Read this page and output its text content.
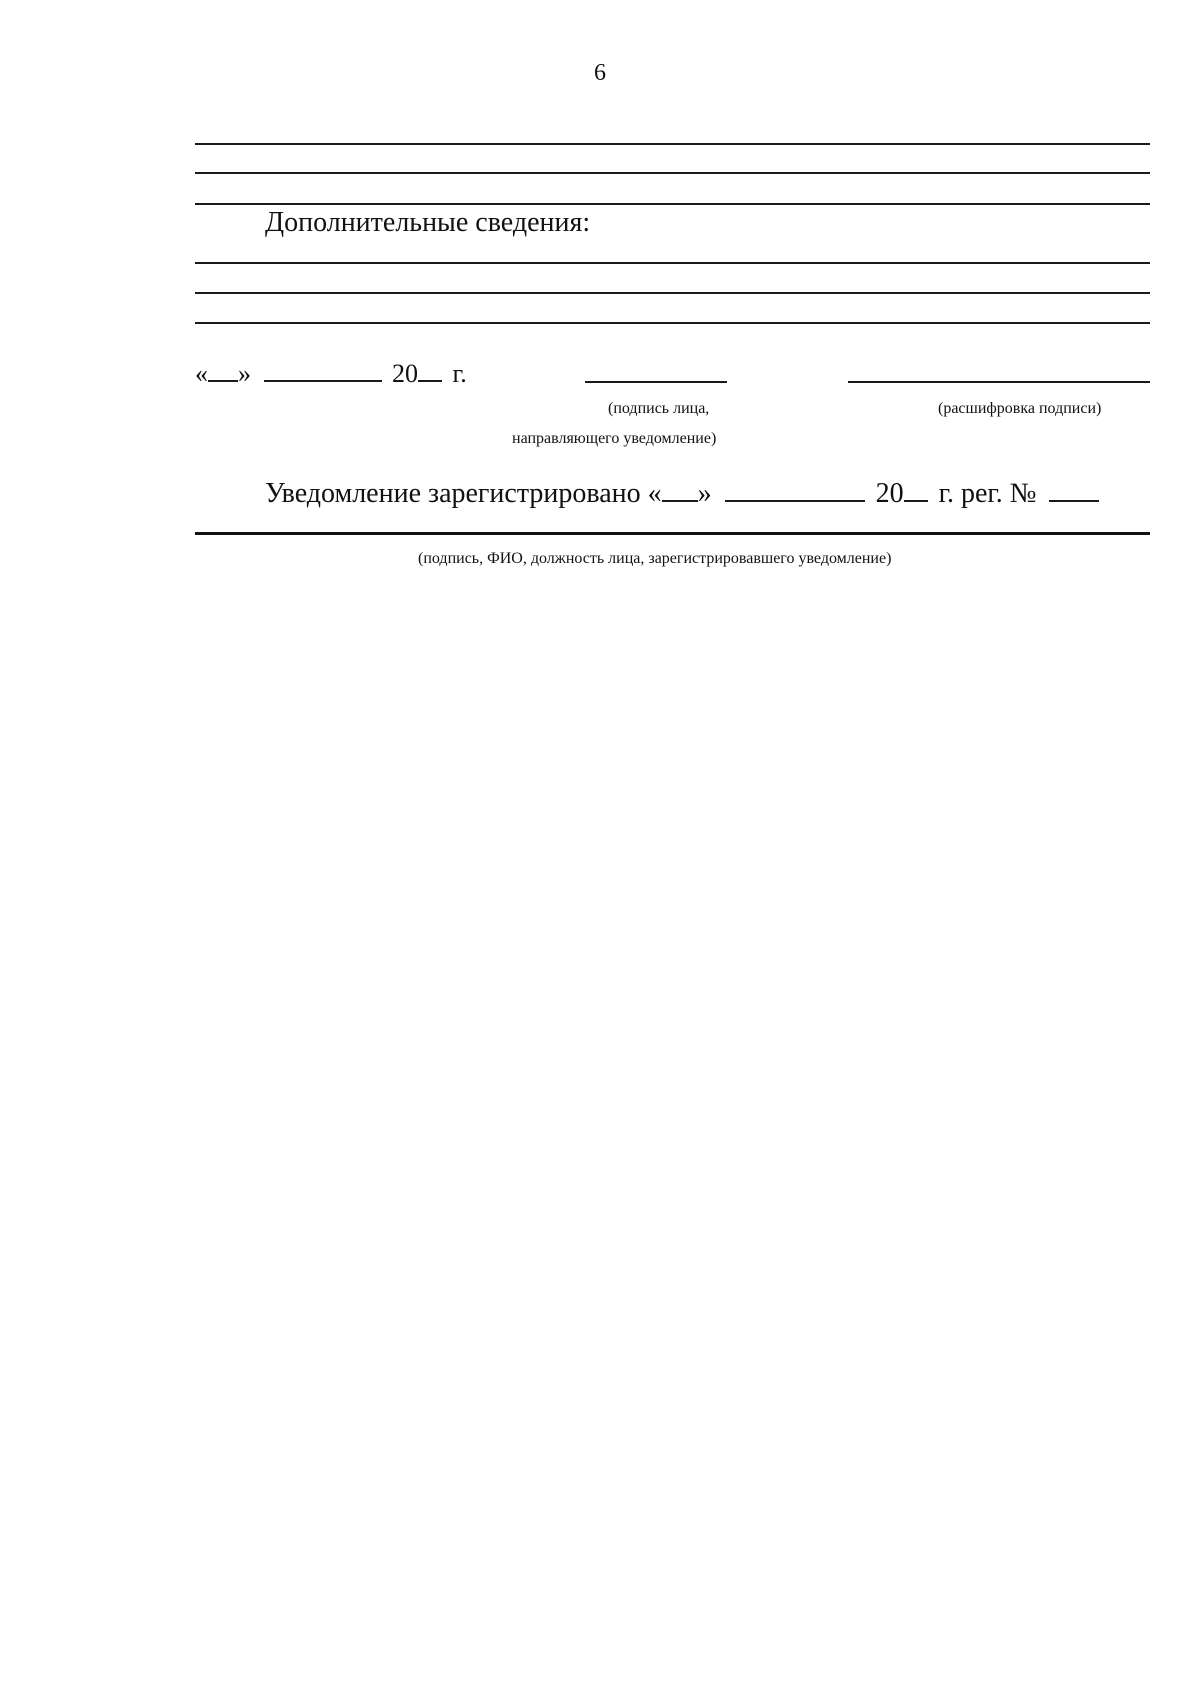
6
Дополнительные сведения:
« »	20 г.
(подпись лица,	(расшифровка подписи)
направляющего уведомление)
Уведомление зарегистрировано « »	20 г. рег. №
(подпись, ФИО, должность лица, зарегистрировавшего уведомление)
